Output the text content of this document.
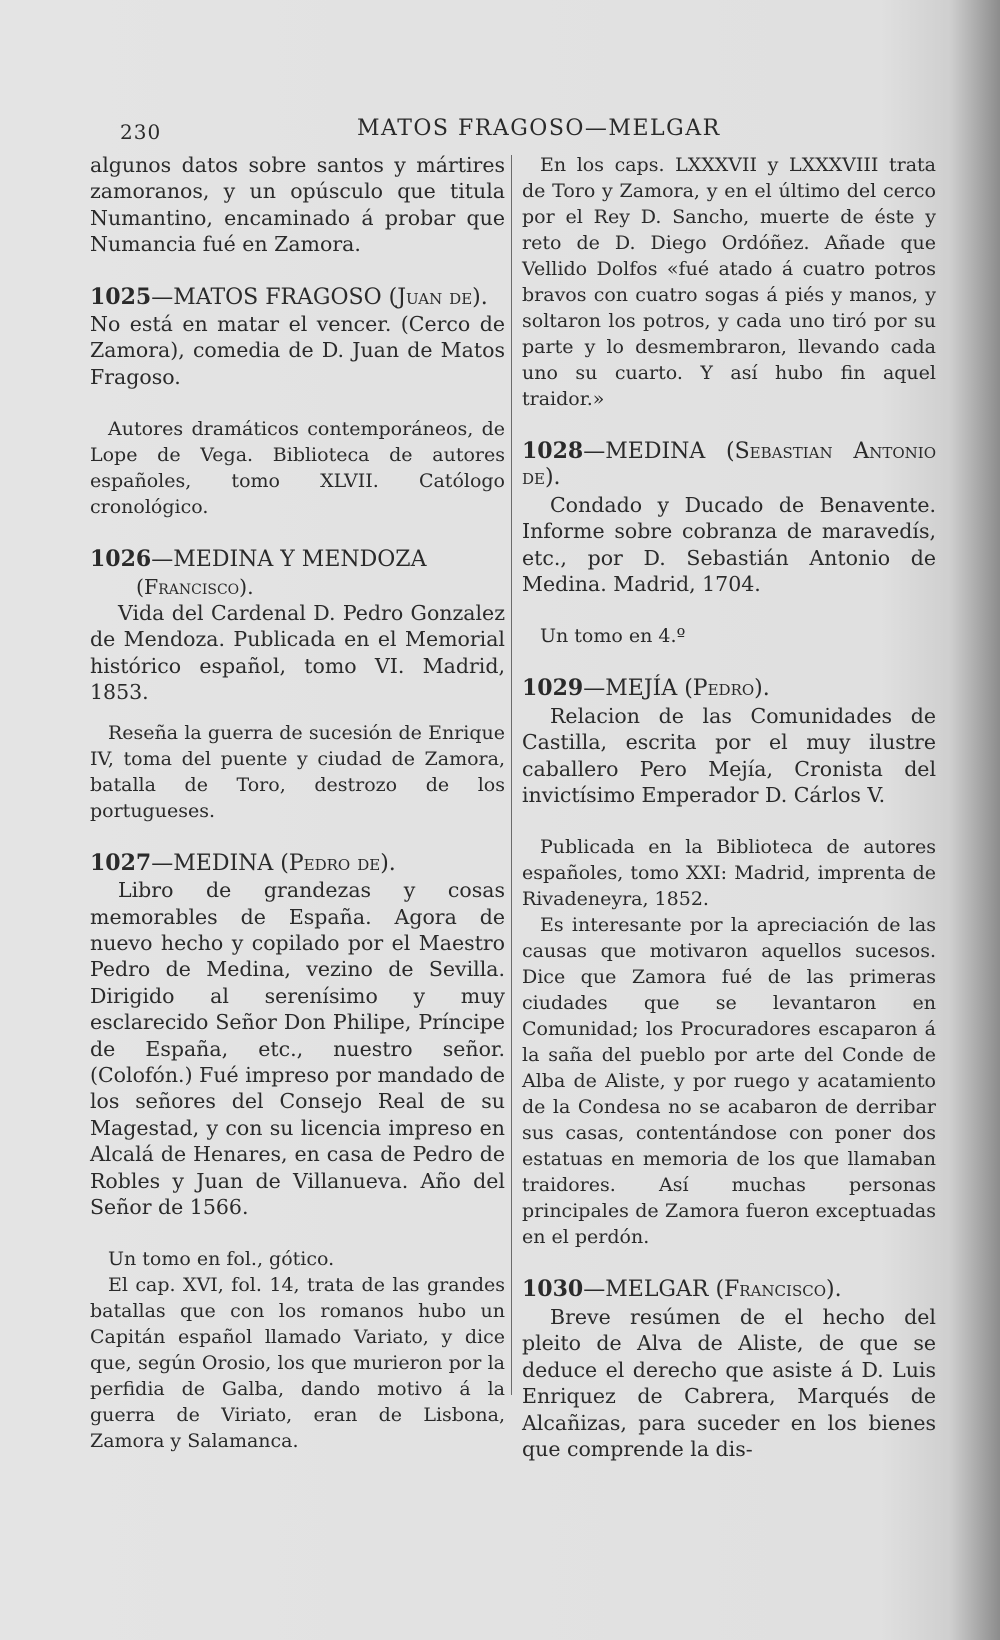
230	MATOS FRAGOSO—MELGAR

algunos datos sobre santos y mártires zamoranos, y un opúsculo que titula Numantino, encaminado á probar que Numancia fué en Zamora.

1025—MATOS FRAGOSO (Juan de).

No está en matar el vencer. (Cerco de Zamora), comedia de D. Juan de Matos Fragoso.

Autores dramáticos contemporáneos, de Lope de Vega. Biblioteca de autores españoles, tomo XLVII. Católogo cronológico.

1026—MEDINA Y MENDOZA

(Francisco).

Vida del Cardenal D. Pedro Gonzalez de Mendoza. Publicada en el Memorial histórico español, tomo VI. Madrid, 1853.

Reseña la guerra de sucesión de Enrique IV, toma del puente y ciudad de Zamora, batalla de Toro, destrozo de los portugueses.

1027—MEDINA (Pedro de).

Libro de grandezas y cosas memorables de España. Agora de nuevo hecho y copilado por el Maestro Pedro de Medina, vezino de Sevilla. Dirigido al serenísimo y muy esclarecido Señor Don Philipe, Príncipe de España, etc., nuestro señor. (Colofón.) Fué impreso por mandado de los señores del Consejo Real de su Magestad, y con su licencia impreso en Alcalá de Henares, en casa de Pedro de Robles y Juan de Villanueva. Año del Señor de 1566.

Un tomo en fol., gótico.

El cap. XVI, fol. 14, trata de las grandes batallas que con los romanos hubo un Capitán español llamado Variato, y dice que, según Orosio, los que murieron por la perfidia de Galba, dando motivo á la guerra de Viriato, eran de Lisbona, Zamora y Salamanca.

En los caps. LXXXVII y LXXXVIII trata de Toro y Zamora, y en el último del cerco por el Rey D. Sancho, muerte de éste y reto de D. Diego Ordóñez. Añade que Vellido Dolfos «fué atado á cuatro potros bravos con cuatro sogas á piés y manos, y soltaron los potros, y cada uno tiró por su parte y lo desmembraron, llevando cada uno su cuarto. Y así hubo fin aquel traidor.»

1028—MEDINA (Sebastian Antonio de).

Condado y Ducado de Benavente. Informe sobre cobranza de maravedís, etc., por D. Sebastián Antonio de Medina. Madrid, 1704.

Un tomo en 4.º

1029—MEJÍA (Pedro).

Relacion de las Comunidades de Castilla, escrita por el muy ilustre caballero Pero Mejía, Cronista del invictísimo Emperador D. Cárlos V.

Publicada en la Biblioteca de autores españoles, tomo XXI: Madrid, imprenta de Rivadeneyra, 1852.

Es interesante por la apreciación de las causas que motivaron aquellos sucesos. Dice que Zamora fué de las primeras ciudades que se levantaron en Comunidad; los Procuradores escaparon á la saña del pueblo por arte del Conde de Alba de Aliste, y por ruego y acatamiento de la Condesa no se acabaron de derribar sus casas, contentándose con poner dos estatuas en memoria de los que llamaban traidores. Así muchas personas principales de Zamora fueron exceptuadas en el perdón.

1030—MELGAR (Francisco).

Breve resúmen de el hecho del pleito de Alva de Aliste, de que se deduce el derecho que asiste á D. Luis Enriquez de Cabrera, Marqués de Alcañizas, para suceder en los bienes que comprende la dis-
